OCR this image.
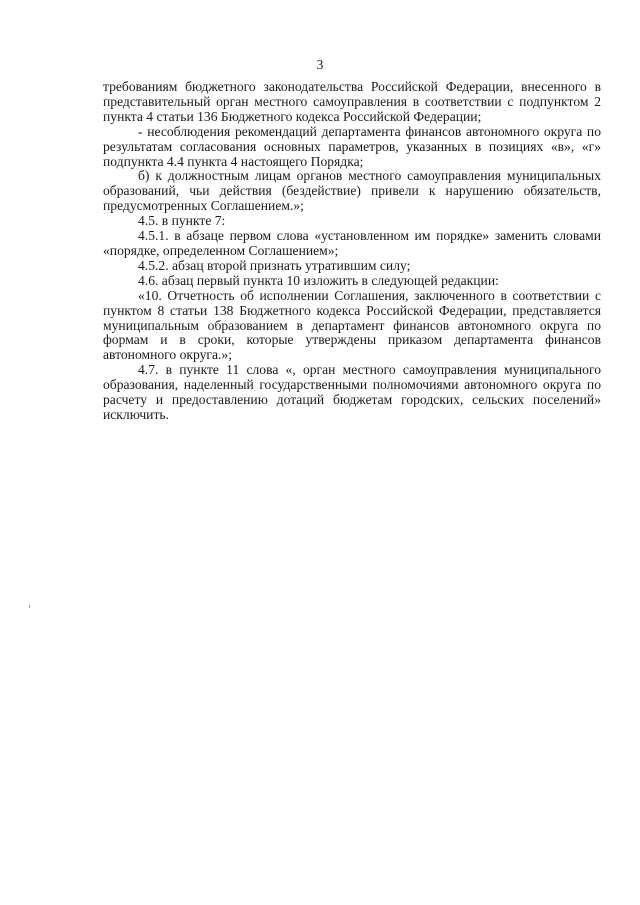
3

требованиям бюджетного законодательства Российской Федерации, внесенного в представительный орган местного самоуправления в соответствии с подпунктом 2 пункта 4 статьи 136 Бюджетного кодекса Российской Федерации;

- несоблюдения рекомендаций департамента финансов автономного округа по результатам согласования основных параметров, указанных в позициях «в», «г» подпункта 4.4 пункта 4 настоящего Порядка;

б) к должностным лицам органов местного самоуправления муниципальных образований, чьи действия (бездействие) привели к нарушению обязательств, предусмотренных Соглашением.»;

4.5. в пункте 7:

4.5.1. в абзаце первом слова «установленном им порядке» заменить словами «порядке, определенном Соглашением»;

4.5.2. абзац второй признать утратившим силу;

4.6. абзац первый пункта 10 изложить в следующей редакции:

«10. Отчетность об исполнении Соглашения, заключенного в соответствии с пунктом 8 статьи 138 Бюджетного кодекса Российской Федерации, представляется муниципальным образованием в департамент финансов автономного округа по формам и в сроки, которые утверждены приказом департамента финансов автономного округа.»;

4.7. в пункте 11 слова «, орган местного самоуправления муниципального образования, наделенный государственными полномочиями автономного округа по расчету и предоставлению дотаций бюджетам городских, сельских поселений» исключить.
